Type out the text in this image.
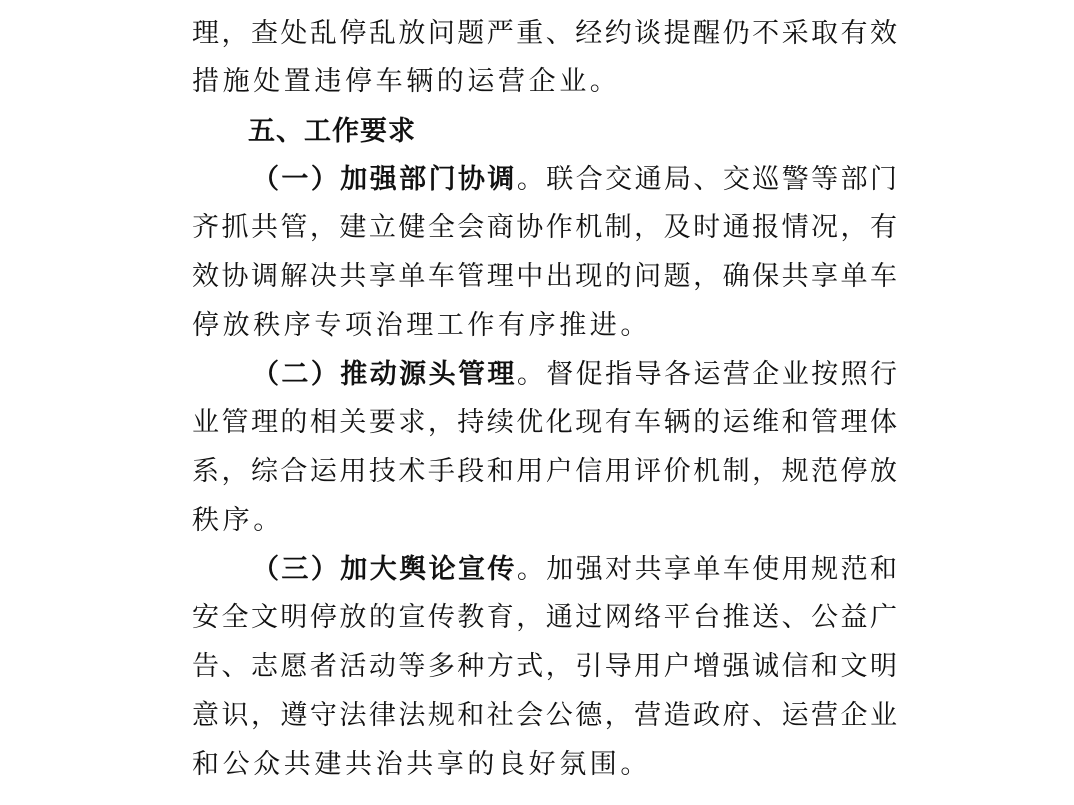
理，查处乱停乱放问题严重、经约谈提醒仍不采取有效
措施处置违停车辆的运营企业。
五、工作要求
（一）加强部门协调。联合交通局、交巡警等部门
齐抓共管，建立健全会商协作机制，及时通报情况，有
效协调解决共享单车管理中出现的问题，确保共享单车
停放秩序专项治理工作有序推进。
（二）推动源头管理。督促指导各运营企业按照行
业管理的相关要求，持续优化现有车辆的运维和管理体
系，综合运用技术手段和用户信用评价机制，规范停放
秩序。
（三）加大舆论宣传。加强对共享单车使用规范和
安全文明停放的宣传教育，通过网络平台推送、公益广
告、志愿者活动等多种方式，引导用户增强诚信和文明
意识，遵守法律法规和社会公德，营造政府、运营企业
和公众共建共治共享的良好氛围。
